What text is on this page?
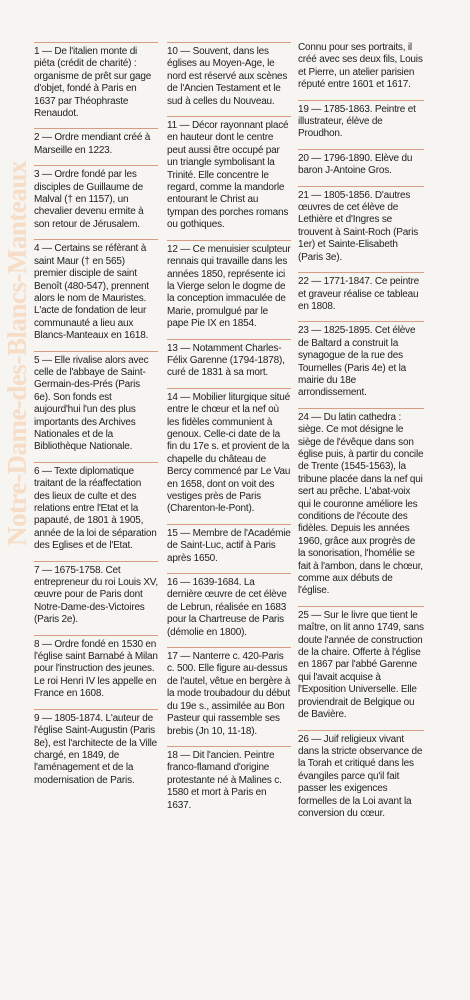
Notre-Dame-des-Blancs-Manteaux

1 — De l'italien monte di piéta (crédit de charité) : organisme de prêt sur gage d'objet, fondé à Paris en 1637 par Théophraste Renaudot.

2 — Ordre mendiant créé à Marseille en 1223.

3 — Ordre fondé par les disciples de Guillaume de Malval († en 1157), un chevalier devenu ermite à son retour de Jérusalem.

4 — Certains se réfèrant à saint Maur († en 565) premier disciple de saint Benoît (480-547), prennent alors le nom de Mauristes. L'acte de fondation de leur communauté a lieu aux Blancs-Manteaux en 1618.

5 — Elle rivalise alors avec celle de l'abbaye de Saint-Germain-des-Prés (Paris 6e). Son fonds est aujourd'hui l'un des plus importants des Archives Nationales et de la Bibliothèque Nationale.

6 — Texte diplomatique traitant de la réaffectation des lieux de culte et des relations entre l'Etat et la papauté, de 1801 à 1905, année de la loi de séparation des Eglises et de l'Etat.

7 — 1675-1758. Cet entrepreneur du roi Louis XV, œuvre pour de Paris dont Notre-Dame-des-Victoires (Paris 2e).

8 — Ordre fondé en 1530 en l'église saint Barnabé à Milan pour l'instruction des jeunes. Le roi Henri IV les appelle en France en 1608.

9 — 1805-1874. L'auteur de l'église Saint-Augustin (Paris 8e), est l'architecte de la Ville chargé, en 1849, de l'aménagement et de la modernisation de Paris.

10 — Souvent, dans les églises au Moyen-Age, le nord est réservé aux scènes de l'Ancien Testament et le sud à celles du Nouveau.

11 — Décor rayonnant placé en hauteur dont le centre peut aussi être occupé par un triangle symbolisant la Trinité. Elle concentre le regard, comme la mandorle entourant le Christ au tympan des porches romans ou gothiques.

12 — Ce menuisier sculpteur rennais qui travaille dans les années 1850, représente ici la Vierge selon le dogme de la conception immaculée de Marie, promulgué par le pape Pie IX en 1854.

13 — Notamment Charles-Félix Garenne (1794-1878), curé de 1831 à sa mort.

14 — Mobilier liturgique situé entre le chœur et la nef où les fidèles communient à genoux. Celle-ci date de la fin du 17e s. et provient de la chapelle du château de Bercy commencé par Le Vau en 1658, dont on voit des vestiges près de Paris (Charenton-le-Pont).

15 — Membre de l'Académie de Saint-Luc, actif à Paris après 1650.

16 — 1639-1684. La dernière œuvre de cet élève de Lebrun, réalisée en 1683 pour la Chartreuse de Paris (démolie en 1800).

17 — Nanterre c. 420-Paris c. 500. Elle figure au-dessus de l'autel, vêtue en bergère à la mode troubadour du début du 19e s., assimilée au Bon Pasteur qui rassemble ses brebis (Jn 10, 11-18).

18 — Dit l'ancien. Peintre franco-flamand d'origine protestante né à Malines c. 1580 et mort à Paris en 1637.

Connu pour ses portraits, il créé avec ses deux fils, Louis et Pierre, un atelier parisien réputé entre 1601 et 1617.

19 — 1785-1863. Peintre et illustrateur, élève de Proudhon.

20 — 1796-1890. Elève du baron J-Antoine Gros.

21 — 1805-1856. D'autres œuvres de cet élève de Lethière et d'Ingres se trouvent à Saint-Roch (Paris 1er) et Sainte-Elisabeth (Paris 3e).

22 — 1771-1847. Ce peintre et graveur réalise ce tableau en 1808.

23 — 1825-1895. Cet élève de Baltard a construit la synagogue de la rue des Tournelles (Paris 4e) et la mairie du 18e arrondissement.

24 — Du latin cathedra : siège. Ce mot désigne le siège de l'évêque dans son église puis, à partir du concile de Trente (1545-1563), la tribune placée dans la nef qui sert au prêche. L'abat-voix qui le couronne améliore les conditions de l'écoute des fidèles. Depuis les années 1960, grâce aux progrès de la sonorisation, l'homélie se fait à l'ambon, dans le chœur, comme aux débuts de l'église.

25 — Sur le livre que tient le maître, on lit anno 1749, sans doute l'année de construction de la chaire. Offerte à l'église en 1867 par l'abbé Garenne qui l'avait acquise à l'Exposition Universelle. Elle proviendrait de Belgique ou de Bavière.

26 — Juif religieux vivant dans la stricte observance de la Torah et critiqué dans les évangiles parce qu'il fait passer les exigences formelles de la Loi avant la conversion du cœur.
